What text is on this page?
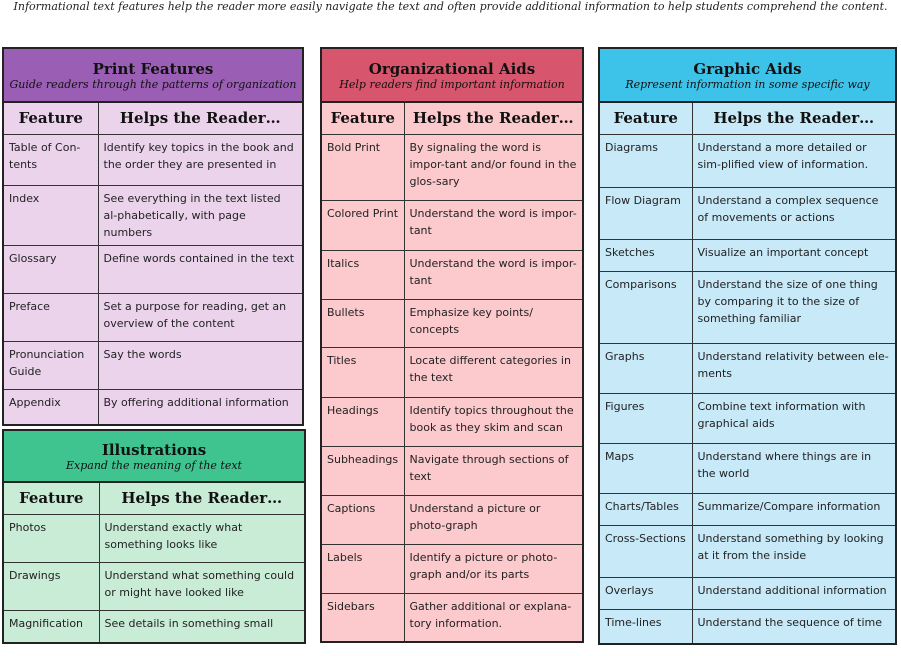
Informational text features help the reader more easily navigate the text and often provide additional information to help students comprehend the content.
Print Features
Guide readers through the patterns of organization
Feature	Helps the Reader…
Table of Con-tents	Identify key topics in the book and the order they are presented in
Index	See everything in the text listed al-phabetically, with page numbers
Glossary	Define words contained in the text
Preface	Set a purpose for reading, get an overview of the content
Pronunciation Guide	Say the words
Appendix	By offering additional information
Illustrations
Expand the meaning of the text
Feature	Helps the Reader…
Photos	Understand exactly what something looks like
Drawings	Understand what something could or might have looked like
Magnification	See details in something small
Organizational Aids
Help readers find important information
Feature	Helps the Reader…
Bold Print	By signaling the word is impor-tant and/or found in the glos-sary
Colored Print	Understand the word is impor-tant
Italics	Understand the word is impor-tant
Bullets	Emphasize key points/ concepts
Titles	Locate different categories in the text
Headings	Identify topics throughout the book as they skim and scan
Subheadings	Navigate through sections of text
Captions	Understand a picture or photo-graph
Labels	Identify a picture or photo-graph and/or its parts
Sidebars	Gather additional or explana-tory information.
Graphic Aids
Represent information in some specific way
Feature	Helps the Reader…
Diagrams	Understand a more detailed or sim-plified view of information.
Flow Diagram	Understand a complex sequence of movements or actions
Sketches	Visualize an important concept
Comparisons	Understand the size of one thing by comparing it to the size of something familiar
Graphs	Understand relativity between ele-ments
Figures	Combine text information with graphical aids
Maps	Understand where things are in the world
Charts/Tables	Summarize/Compare information
Cross-Sections	Understand something by looking at it from the inside
Overlays	Understand additional information
Time-lines	Understand the sequence of time
